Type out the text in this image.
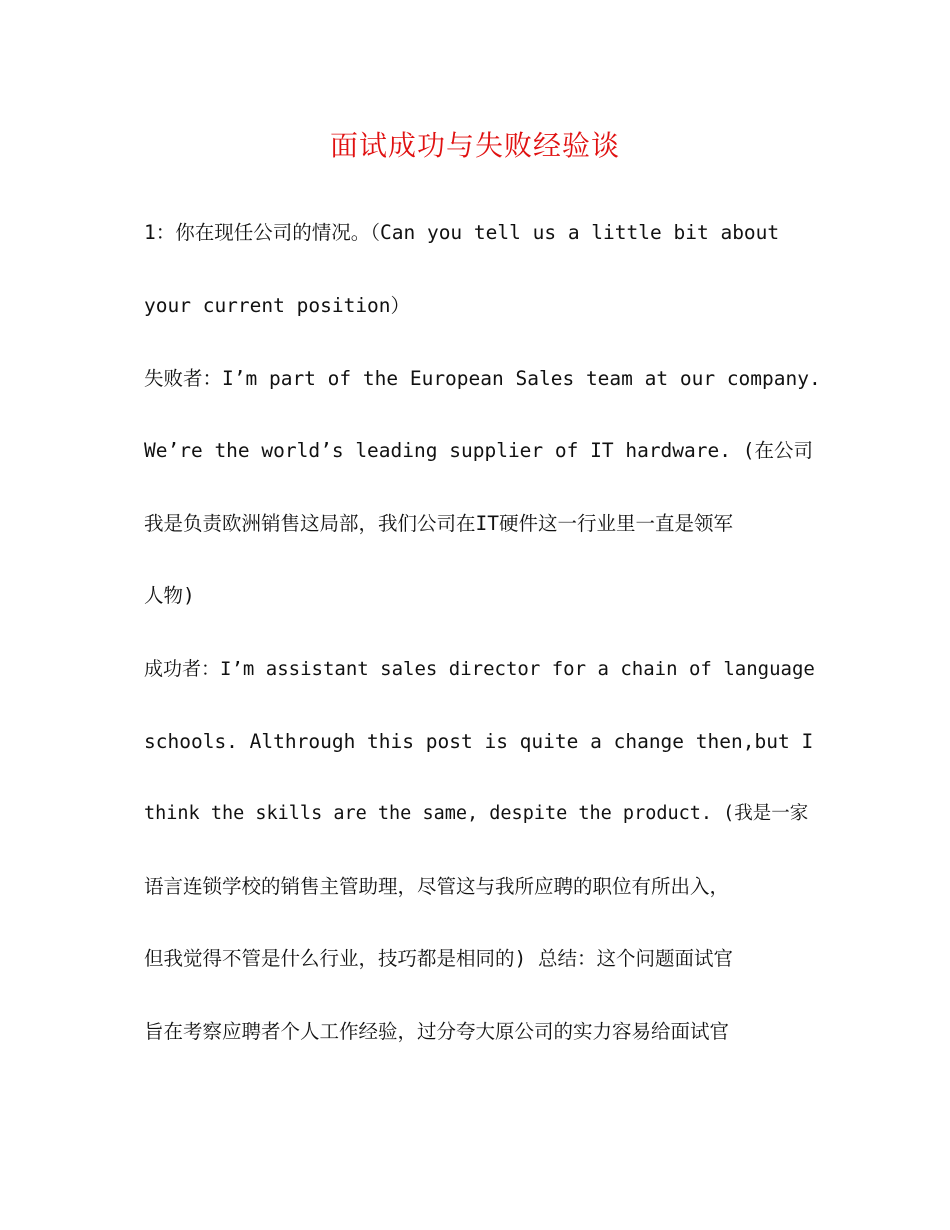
面试成功与失败经验谈
1：你在现任公司的情况。（Can you tell us a little bit about
your current position）
失败者：I’m part of the European Sales team at our company.
We’re the world’s leading supplier of IT hardware. (在公司
我是负责欧洲销售这局部，我们公司在IT硬件这一行业里一直是领军
人物)
成功者：I’m assistant sales director for a chain of language
schools. Althrough this post is quite a change then,but I
think the skills are the same, despite the product. (我是一家
语言连锁学校的销售主管助理，尽管这与我所应聘的职位有所出入，
但我觉得不管是什么行业，技巧都是相同的) 总结：这个问题面试官
旨在考察应聘者个人工作经验，过分夸大原公司的实力容易给面试官
